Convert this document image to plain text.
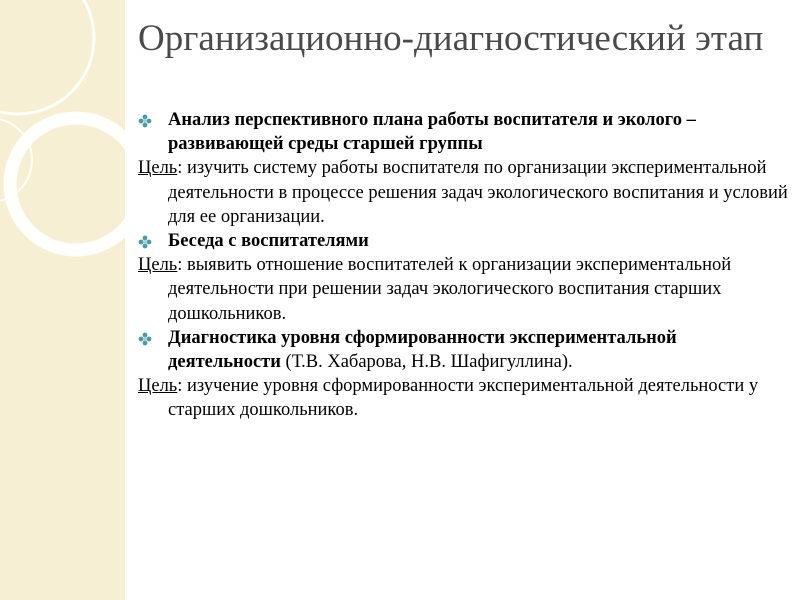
Организационно-диагностический этап
Анализ перспективного плана работы воспитателя и эколого – развивающей среды старшей группы
Цель: изучить систему работы воспитателя по организации экспериментальной деятельности в процессе решения задач экологического воспитания и условий для ее организации.
Беседа с воспитателями
Цель: выявить отношение воспитателей к организации экспериментальной деятельности при решении задач экологического воспитания старших дошкольников.
Диагностика уровня сформированности экспериментальной деятельности (Т.В. Хабарова, Н.В. Шафигуллина).
Цель: изучение уровня сформированности экспериментальной деятельности у старших дошкольников.
